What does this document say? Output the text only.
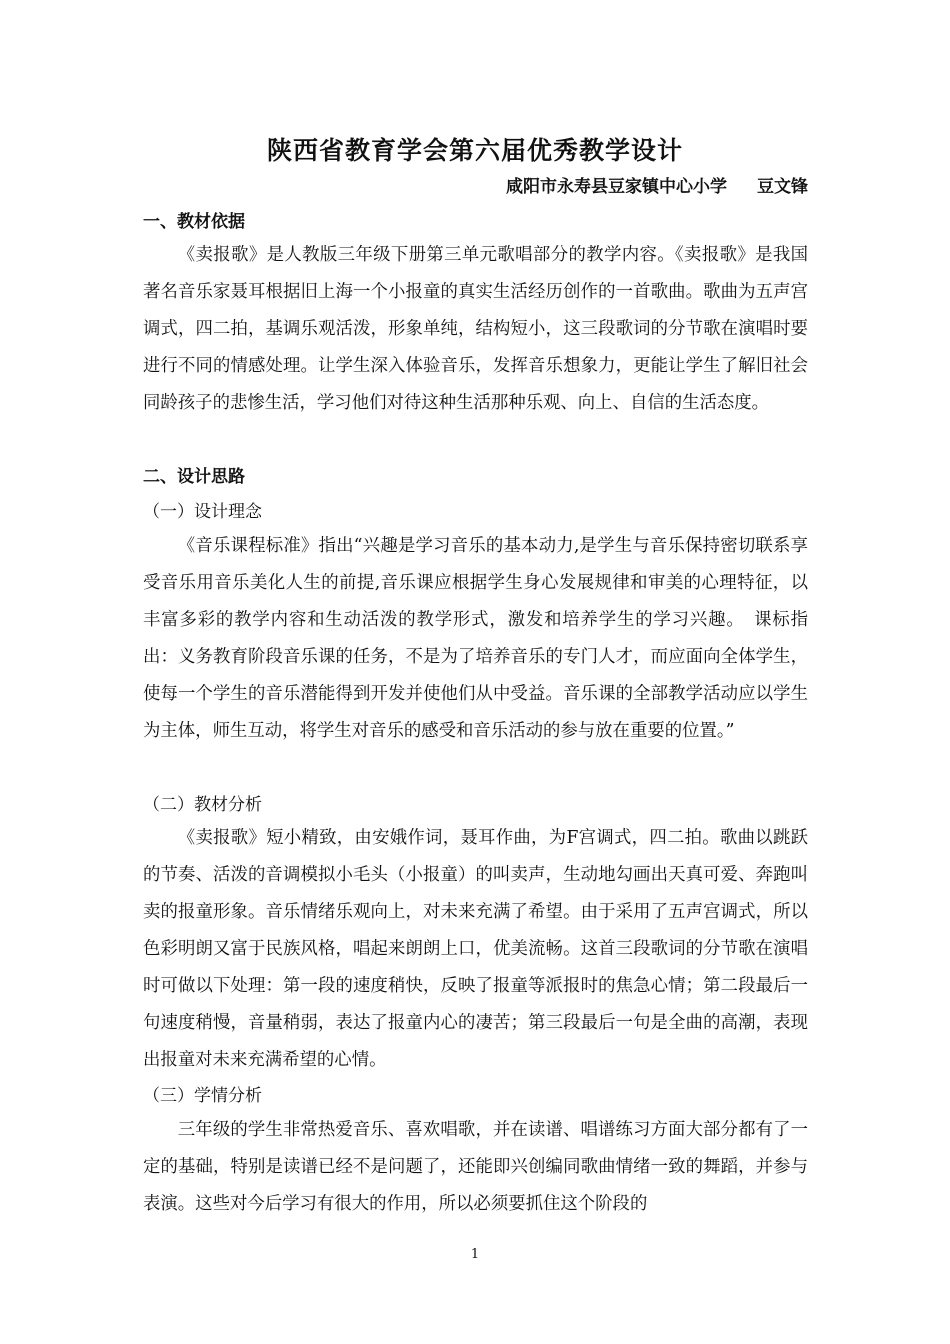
陕西省教育学会第六届优秀教学设计
咸阳市永寿县豆家镇中心小学 豆文锋
一、教材依据

《卖报歌》是人教版三年级下册第三单元歌唱部分的教学内容。《卖报歌》是我国著名音乐家聂耳根据旧上海一个小报童的真实生活经历创作的一首歌曲。歌曲为五声宫调式，四二拍，基调乐观活泼，形象单纯，结构短小，这三段歌词的分节歌在演唱时要进行不同的情感处理。让学生深入体验音乐，发挥音乐想象力，更能让学生了解旧社会同龄孩子的悲惨生活，学习他们对待这种生活那种乐观、向上、自信的生活态度。

二、设计思路
（一）设计理念

《音乐课程标准》指出“兴趣是学习音乐的基本动力,是学生与音乐保持密切联系享受音乐用音乐美化人生的前提,音乐课应根据学生身心发展规律和审美的心理特征，以丰富多彩的教学内容和生动活泼的教学形式，激发和培养学生的学习兴趣。　课标指出：义务教育阶段音乐课的任务，不是为了培养音乐的专门人才，而应面向全体学生，使每一个学生的音乐潜能得到开发并使他们从中受益。音乐课的全部教学活动应以学生为主体，师生互动，将学生对音乐的感受和音乐活动的参与放在重要的位置。”

（二）教材分析

《卖报歌》短小精致，由安娥作词，聂耳作曲，为F宫调式，四二拍。歌曲以跳跃的节奏、活泼的音调模拟小毛头（小报童）的叫卖声，生动地勾画出天真可爱、奔跑叫卖的报童形象。音乐情绪乐观向上，对未来充满了希望。由于采用了五声宫调式，所以色彩明朗又富于民族风格，唱起来朗朗上口，优美流畅。这首三段歌词的分节歌在演唱时可做以下处理：第一段的速度稍快，反映了报童等派报时的焦急心情；第二段最后一句速度稍慢，音量稍弱，表达了报童内心的凄苦；第三段最后一句是全曲的高潮，表现出报童对未来充满希望的心情。

（三）学情分析

三年级的学生非常热爱音乐、喜欢唱歌，并在读谱、唱谱练习方面大部分都有了一定的基础，特别是读谱已经不是问题了，还能即兴创编同歌曲情绪一致的舞蹈，并参与表演。这些对今后学习有很大的作用，所以必须要抓住这个阶段的

1
